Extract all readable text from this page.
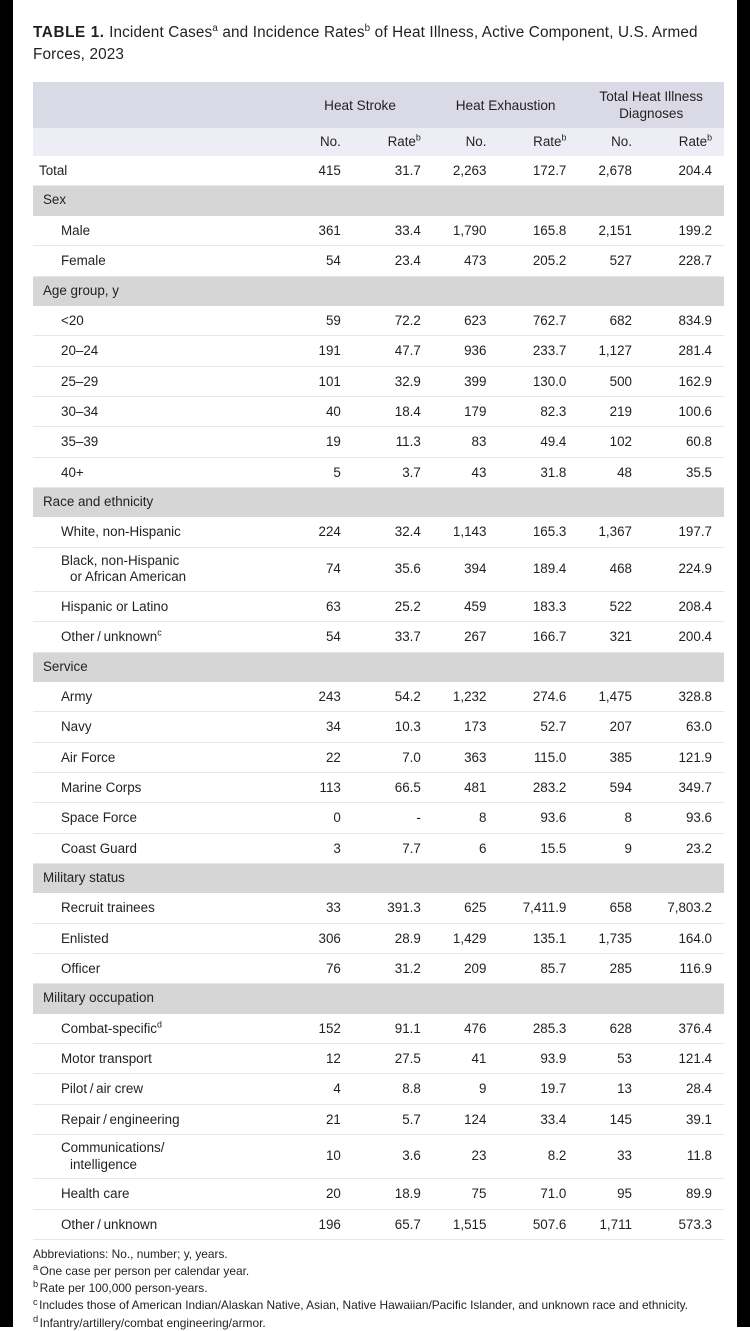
TABLE 1. Incident Cases$^a$ and Incidence Rates$^b$ of Heat Illness, Active Component, U.S. Armed Forces, 2023
	Heat Stroke		Heat Exhaustion		Total Heat Illness Diagnoses	
	No.	Rate$^b$	No.	Rate$^b$	No.	Rate$^b$
Total	415	31.7	2,263	172.7	2,678	204.4
Sex						
Male	361	33.4	1,790	165.8	2,151	199.2
Female	54	23.4	473	205.2	527	228.7
Age group, y						
<20	59	72.2	623	762.7	682	834.9
20–24	191	47.7	936	233.7	1,127	281.4
25–29	101	32.9	399	130.0	500	162.9
30–34	40	18.4	179	82.3	219	100.6
35–39	19	11.3	83	49.4	102	60.8
40+	5	3.7	43	31.8	48	35.5
Race and ethnicity						
White, non-Hispanic	224	32.4	1,143	165.3	1,367	197.7

Black, non-Hispanic
or African American	74	35.6	394	189.4	468	224.9
Hispanic or Latino	63	25.2	459	183.3	522	208.4
Other / unknown$^c$	54	33.7	267	166.7	321	200.4
Service						
Army	243	54.2	1,232	274.6	1,475	328.8
Navy	34	10.3	173	52.7	207	63.0
Air Force	22	7.0	363	115.0	385	121.9
Marine Corps	113	66.5	481	283.2	594	349.7
Space Force	0	-	8	93.6	8	93.6
Coast Guard	3	7.7	6	15.5	9	23.2
Military status						
Recruit trainees	33	391.3	625	7,411.9	658	7,803.2
Enlisted	306	28.9	1,429	135.1	1,735	164.0
Officer	76	31.2	209	85.7	285	116.9
Military occupation						
Combat-specific$^d$	152	91.1	476	285.3	628	376.4
Motor transport	12	27.5	41	93.9	53	121.4
Pilot / air crew	4	8.8	9	19.7	13	28.4
Repair / engineering	21	5.7	124	33.4	145	39.1

Communications/
intelligence	10	3.6	23	8.2	33	11.8
Health care	20	18.9	75	71.0	95	89.9
Other / unknown	196	65.7	1,515	507.6	1,711	573.3

Abbreviations: No., number; y, years.

$^a$ One case per person per calendar year.

$^b$ Rate per 100,000 person-years.

$^c$ Includes those of American Indian/Alaskan Native, Asian, Native Hawaiian/Pacific Islander, and unknown race and ethnicity.

$^d$ Infantry/artillery/combat engineering/armor.
